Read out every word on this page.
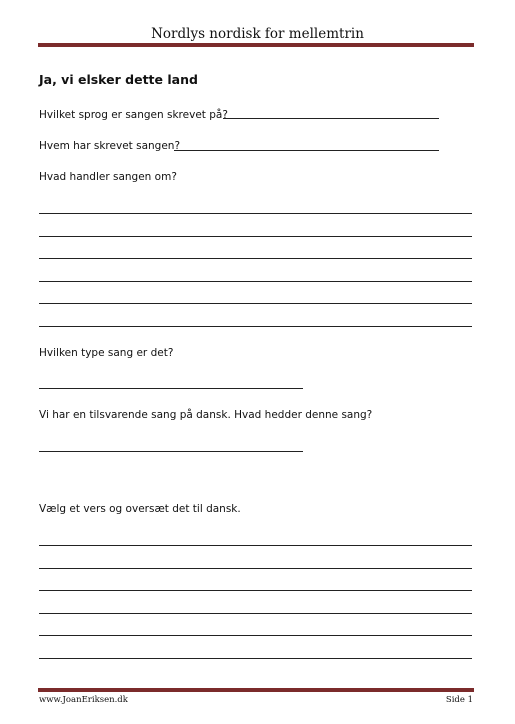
Nordlys nordisk for mellemtrin
Ja, vi elsker dette land
Hvilket sprog er sangen skrevet på?
Hvem har skrevet sangen?
Hvad handler sangen om?
Hvilken type sang er det?
Vi har en tilsvarende sang på dansk. Hvad hedder denne sang?
Vælg et vers og oversæt det til dansk.
www.JoanEriksen.dk	Side 1
